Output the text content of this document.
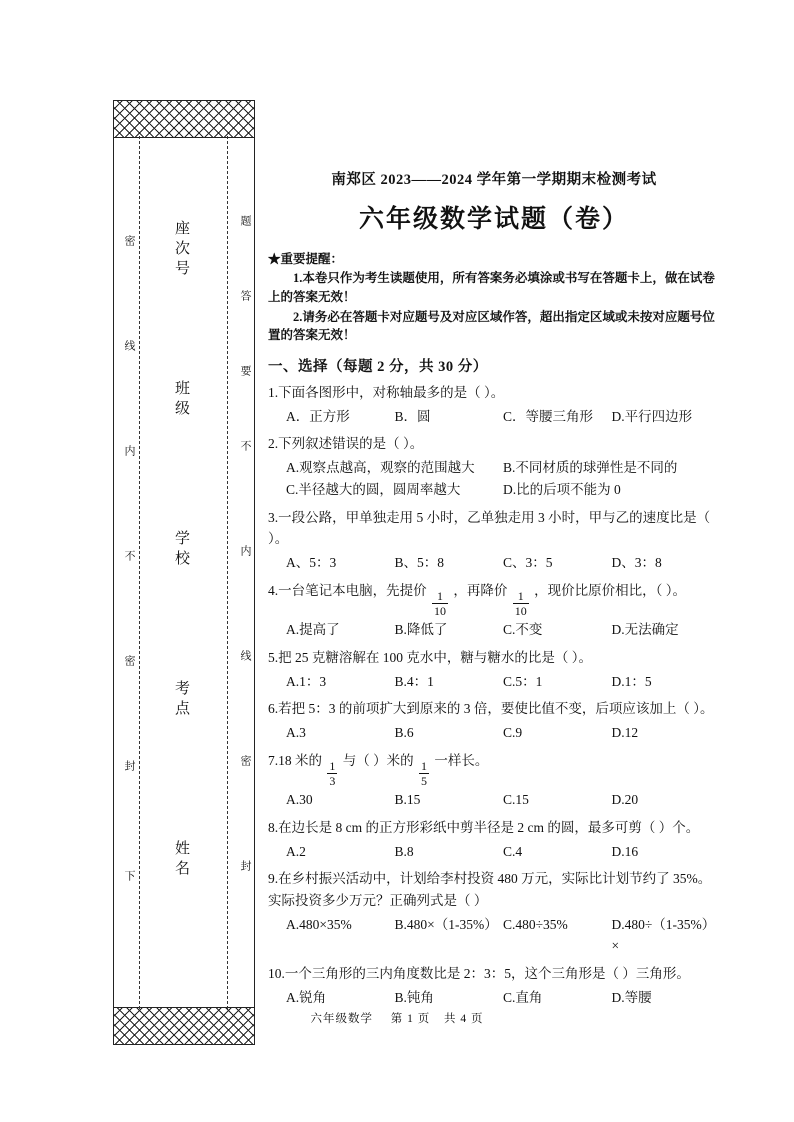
姓名
考点
学校
班级
座次号
下
封
密
不
内
线
密
封
密
线
内
不
要
答
题
南郑区 2023——2024 学年第一学期期末检测考试
六年级数学试题（卷）
★重要提醒：

1.本卷只作为考生读题使用，所有答案务必填涂或书写在答题卡上，做在试卷上的答案无效！

2.请务必在答题卡对应题号及对应区域作答，超出指定区域或未按对应题号位置的答案无效！

一、选择（每题 2 分，共 30 分）
1.下面各图形中，对称轴最多的是（ ）。
A．正方形	B．圆	C．等腰三角形	D.平行四边形
2.下列叙述错误的是（ ）。
A.观察点越高，观察的范围越大	B.不同材质的球弹性是不同的
C.半径越大的圆，圆周率越大	D.比的后项不能为 0
3.一段公路，甲单独走用 5 小时，乙单独走用 3 小时，甲与乙的速度比是（ ）。
A、5：3	B、5：8	C、3：5	D、3：8
4.一台笔记本电脑，先提价 $\frac{1}{10}$ ，再降价 $\frac{1}{10}$ ，现价比原价相比，（ ）。
A.提高了	B.降低了	C.不变	D.无法确定
5.把 25 克糖溶解在 100 克水中，糖与糖水的比是（ ）。
A.1：3	B.4：1	C.5：1	D.1：5
6.若把 5：3 的前项扩大到原来的 3 倍，要使比值不变，后项应该加上（ ）。
A.3	B.6	C.9	D.12
7.18 米的 $\frac{1}{3}$ 与（ ）米的 $\frac{1}{5}$ 一样长。
A.30	B.15	C.15	D.20
8.在边长是 8 cm 的正方形彩纸中剪半径是 2 cm 的圆，最多可剪（ ）个。
A.2	B.8	C.4	D.16
9.在乡村振兴活动中，计划给李村投资 480 万元，实际比计划节约了 35%。实际投资多少万元？正确列式是（ ）
A.480×35%	B.480×（1-35%） C.480÷35%	D.480÷（1-35%）×
10.一个三角形的三内角度数比是 2：3：5，这个三角形是（ ）三角形。
A.锐角	B.钝角	C.直角	D.等腰
六年级数学 第 1 页 共 4 页
